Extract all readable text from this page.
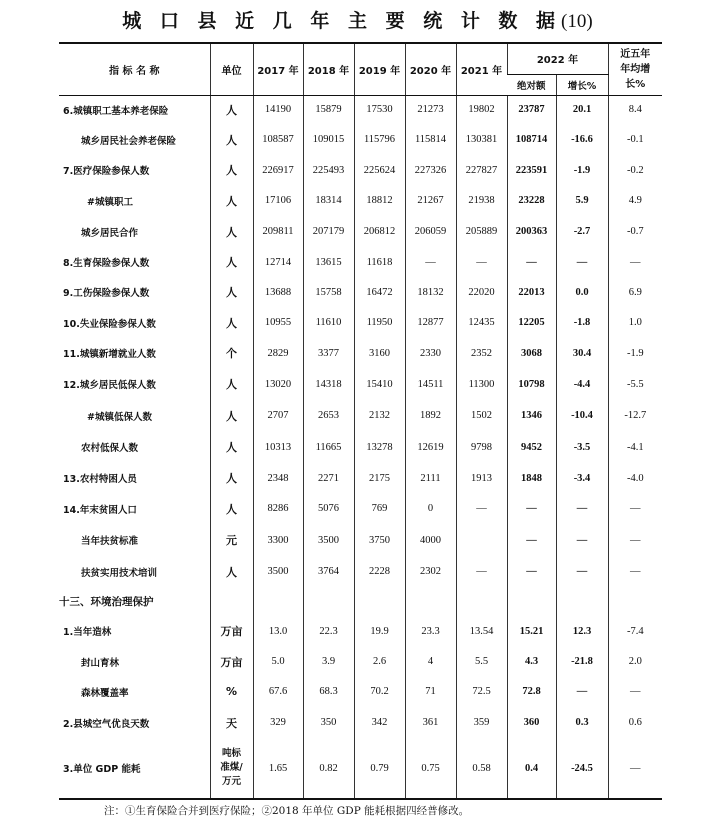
城 口 县 近 几 年 主 要 统 计 数 据(10)
指 标 名 称	单位	2017 年	2018 年	2019 年	2020 年	2021 年	2022 年		近五年
年均增
长%

							绝对额	增长%	
6.城镇职工基本养老保险	人	14190	15879	17530	21273	19802	23787	20.1	8.4
城乡居民社会养老保险	人	108587	109015	115796	115814	130381	108714	-16.6	-0.1
7.医疗保险参保人数	人	226917	225493	225624	227326	227827	223591	-1.9	-0.2
#城镇职工	人	17106	18314	18812	21267	21938	23228	5.9	4.9
城乡居民合作	人	209811	207179	206812	206059	205889	200363	-2.7	-0.7
8.生育保险参保人数	人	12714	13615	11618	—	—	—	—	—
9.工伤保险参保人数	人	13688	15758	16472	18132	22020	22013	0.0	6.9
10.失业保险参保人数	人	10955	11610	11950	12877	12435	12205	-1.8	1.0
11.城镇新增就业人数	个	2829	3377	3160	2330	2352	3068	30.4	-1.9
12.城乡居民低保人数	人	13020	14318	15410	14511	11300	10798	-4.4	-5.5
#城镇低保人数	人	2707	2653	2132	1892	1502	1346	-10.4	-12.7
农村低保人数	人	10313	11665	13278	12619	9798	9452	-3.5	-4.1
13.农村特困人员	人	2348	2271	2175	2111	1913	1848	-3.4	-4.0
14.年末贫困人口	人	8286	5076	769	0	—	—	—	—
当年扶贫标准	元	3300	3500	3750	4000		—	—	—
扶贫实用技术培训	人	3500	3764	2228	2302	—	—	—	—
十三、环境治理保护									
1.当年造林	万亩	13.0	22.3	19.9	23.3	13.54	15.21	12.3	-7.4
封山育林	万亩	5.0	3.9	2.6	4	5.5	4.3	-21.8	2.0
森林覆盖率	%	67.6	68.3	70.2	71	72.5	72.8	—	—
2.县城空气优良天数	天	329	350	342	361	359	360	0.3	0.6
3.单位 GDP 能耗	吨标
准煤/
万元	1.65	0.82	0.79	0.75	0.58	0.4	-24.5	—
注：①生育保险合并到医疗保险；②2018 年单位 GDP 能耗根据四经普修改。
